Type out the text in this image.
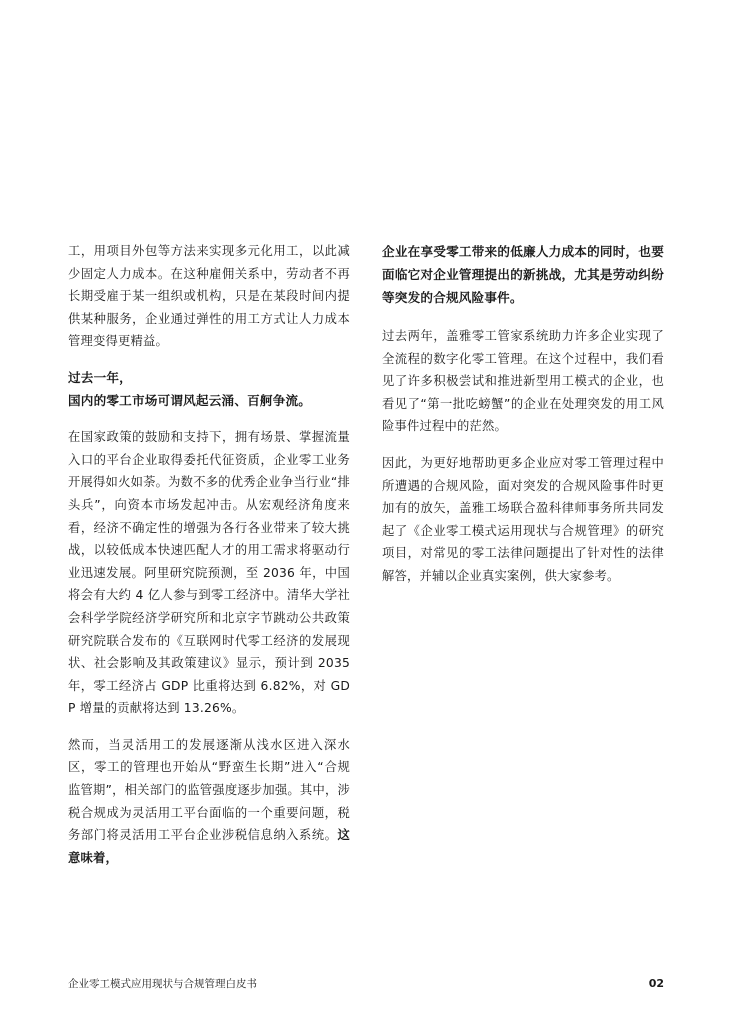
工，用项目外包等方法来实现多元化用工，以此减少固定人力成本。在这种雇佣关系中，劳动者不再长期受雇于某一组织或机构，只是在某段时间内提供某种服务，企业通过弹性的用工方式让人力成本管理变得更精益。

过去一年，
国内的零工市场可谓风起云涌、百舸争流。

在国家政策的鼓励和支持下，拥有场景、掌握流量入口的平台企业取得委托代征资质，企业零工业务开展得如火如荼。为数不多的优秀企业争当行业“排头兵”，向资本市场发起冲击。从宏观经济角度来看，经济不确定性的增强为各行各业带来了较大挑战，以较低成本快速匹配人才的用工需求将驱动行业迅速发展。阿里研究院预测，至 2036 年，中国将会有大约 4 亿人参与到零工经济中。清华大学社会科学学院经济学研究所和北京字节跳动公共政策研究院联合发布的《互联网时代零工经济的发展现状、社会影响及其政策建议》显示，预计到 2035 年，零工经济占 GDP 比重将达到 6.82%，对 GDP 增量的贡献将达到 13.26%。

然而，当灵活用工的发展逐渐从浅水区进入深水区，零工的管理也开始从“野蛮生长期”进入“合规监管期”，相关部门的监管强度逐步加强。其中，涉税合规成为灵活用工平台面临的一个重要问题，税务部门将灵活用工平台企业涉税信息纳入系统。这意味着，

企业在享受零工带来的低廉人力成本的同时，也要面临它对企业管理提出的新挑战，尤其是劳动纠纷等突发的合规风险事件。

过去两年，盖雅零工管家系统助力许多企业实现了全流程的数字化零工管理。在这个过程中，我们看见了许多积极尝试和推进新型用工模式的企业，也看见了“第一批吃螃蟹”的企业在处理突发的用工风险事件过程中的茫然。

因此，为更好地帮助更多企业应对零工管理过程中所遭遇的合规风险，面对突发的合规风险事件时更加有的放矢，盖雅工场联合盈科律师事务所共同发起了《企业零工模式运用现状与合规管理》的研究项目，对常见的零工法律问题提出了针对性的法律解答，并辅以企业真实案例，供大家参考。

企业零工模式应用现状与合规管理白皮书	02
